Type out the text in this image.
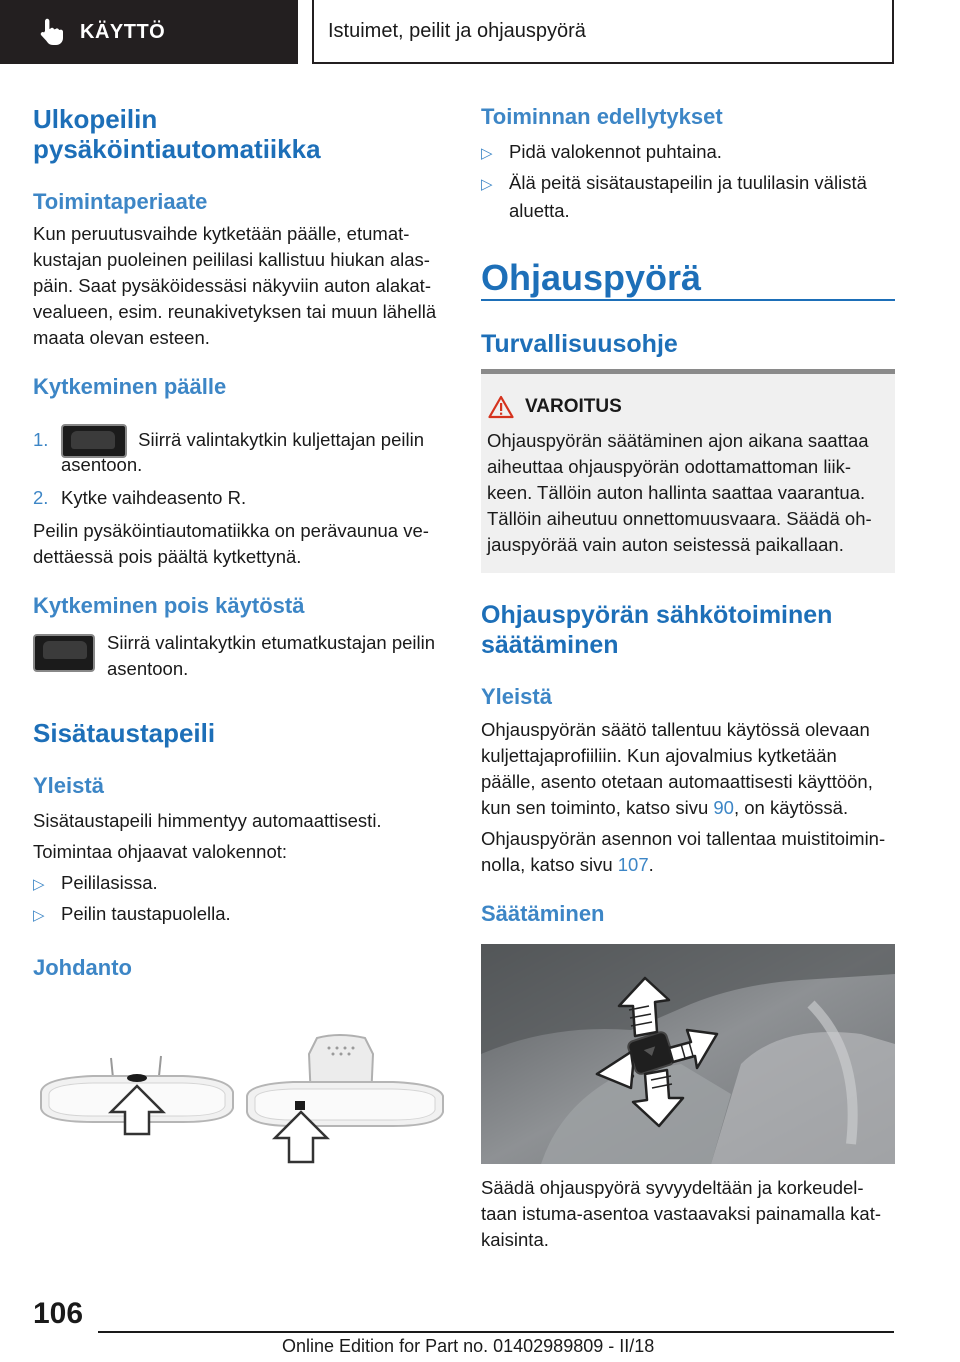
KÄYTTÖ	Istuimet, peilit ja ohjauspyörä
Ulkopeilin
pysäköintiautomatiikka
Toimintaperiaate
Kun peruutusvaihde kytketään päälle, etumat‐
kustajan puoleinen peililasi kallistuu hiukan alas‐
päin. Saat pysäköidessäsi näkyviin auton alakat‐
vealueen, esim. reunakivetyksen tai muun lähellä
maata olevan esteen.
Kytkeminen päälle
1.	Siirrä valintakytkin kuljettajan peilin
asentoon.
2. Kytke vaihdeasento R.
Peilin pysäköintiautomatiikka on perävaunua ve‐
dettäessä pois päältä kytkettynä.
Kytkeminen pois käytöstä
Siirrä valintakytkin etumatkustajan peilin
asentoon.
Sisätaustapeili
Yleistä
Sisätaustapeili himmentyy automaattisesti.
Toimintaa ohjaavat valokennot:
▷ Peililasissa.
▷ Peilin taustapuolella.
Johdanto
Toiminnan edellytykset
▷ Pidä valokennot puhtaina.
▷ Älä peitä sisätaustapeilin ja tuulilasin välistä
aluetta.
Ohjauspyörä
Turvallisuusohje
VAROITUS
Ohjauspyörän säätäminen ajon aikana saattaa
aiheuttaa ohjauspyörän odottamattoman liik‐
keen. Tällöin auton hallinta saattaa vaarantua.
Tällöin aiheutuu onnettomuusvaara. Säädä oh‐
jauspyörää vain auton seistessä paikallaan.
Ohjauspyörän sähkötoiminen
säätäminen
Yleistä
Ohjauspyörän säätö tallentuu käytössä olevaan
kuljettajaprofiiliin. Kun ajovalmius kytketään
päälle, asento otetaan automaattisesti käyttöön,
kun sen toiminto, katso sivu 90, on käytössä.
Ohjauspyörän asennon voi tallentaa muistitoimin‐
nolla, katso sivu 107.
Säätäminen
Säädä ohjauspyörä syvyydeltään ja korkeudel‐
taan istuma-asentoa vastaavaksi painamalla kat‐
kaisinta.
106
Online Edition for Part no. 01402989809 - II/18
